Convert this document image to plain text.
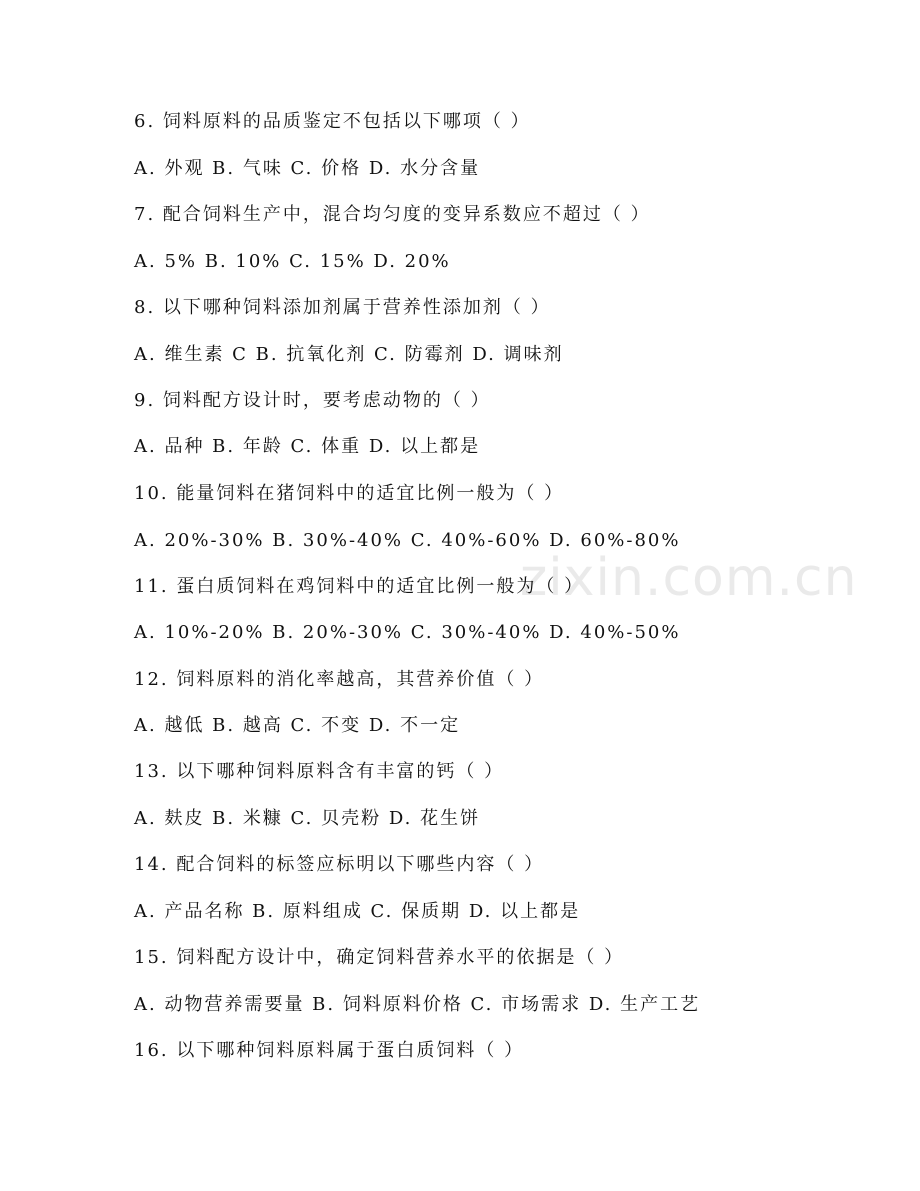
zixin.com.cn
6. 饲料原料的品质鉴定不包括以下哪项（ ）
A. 外观 B. 气味 C. 价格 D. 水分含量
7. 配合饲料生产中，混合均匀度的变异系数应不超过（ ）
A. 5% B. 10% C. 15% D. 20%
8. 以下哪种饲料添加剂属于营养性添加剂（ ）
A. 维生素 C B. 抗氧化剂 C. 防霉剂 D. 调味剂
9. 饲料配方设计时，要考虑动物的（ ）
A. 品种 B. 年龄 C. 体重 D. 以上都是
10. 能量饲料在猪饲料中的适宜比例一般为（ ）
A. 20%-30% B. 30%-40% C. 40%-60% D. 60%-80%
11. 蛋白质饲料在鸡饲料中的适宜比例一般为（ ）
A. 10%-20% B. 20%-30% C. 30%-40% D. 40%-50%
12. 饲料原料的消化率越高，其营养价值（ ）
A. 越低 B. 越高 C. 不变 D. 不一定
13. 以下哪种饲料原料含有丰富的钙（ ）
A. 麸皮 B. 米糠 C. 贝壳粉 D. 花生饼
14. 配合饲料的标签应标明以下哪些内容（ ）
A. 产品名称 B. 原料组成 C. 保质期 D. 以上都是
15. 饲料配方设计中，确定饲料营养水平的依据是（ ）
A. 动物营养需要量 B. 饲料原料价格 C. 市场需求 D. 生产工艺
16. 以下哪种饲料原料属于蛋白质饲料（ ）
